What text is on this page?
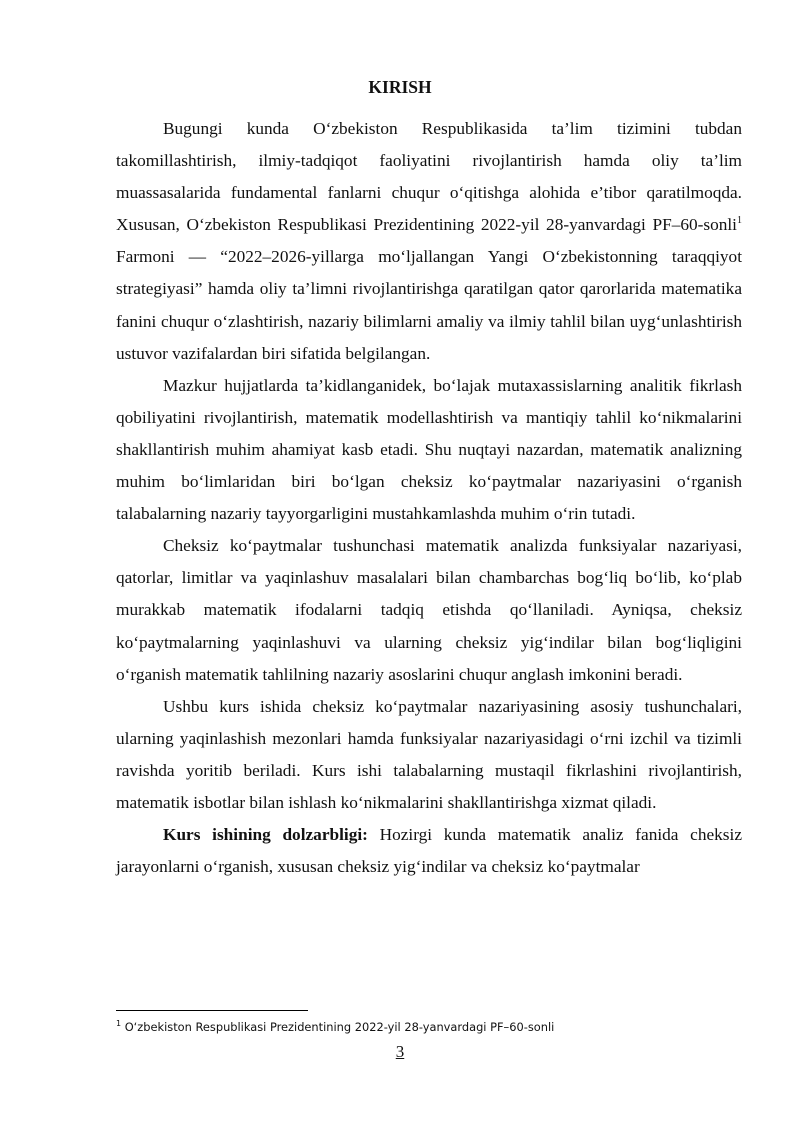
KIRISH

Bugungi kunda O‘zbekiston Respublikasida ta’lim tizimini tubdan takomillashtirish, ilmiy-tadqiqot faoliyatini rivojlantirish hamda oliy ta’lim muassasalarida fundamental fanlarni chuqur o‘qitishga alohida e’tibor qaratilmoqda. Xususan, O‘zbekiston Respublikasi Prezidentining 2022-yil 28-yanvardagi PF–60-sonli$^1$ Farmoni — “2022–2026-yillarga mo‘ljallangan Yangi O‘zbekistonning taraqqiyot strategiyasi” hamda oliy ta’limni rivojlantirishga qaratilgan qator qarorlarida matematika fanini chuqur o‘zlashtirish, nazariy bilimlarni amaliy va ilmiy tahlil bilan uyg‘unlashtirish ustuvor vazifalardan biri sifatida belgilangan.

Mazkur hujjatlarda ta’kidlanganidek, bo‘lajak mutaxassislarning analitik fikrlash qobiliyatini rivojlantirish, matematik modellashtirish va mantiqiy tahlil ko‘nikmalarini shakllantirish muhim ahamiyat kasb etadi. Shu nuqtayi nazardan, matematik analizning muhim bo‘limlaridan biri bo‘lgan cheksiz ko‘paytmalar nazariyasini o‘rganish talabalarning nazariy tayyorgarligini mustahkamlashda muhim o‘rin tutadi.

Cheksiz ko‘paytmalar tushunchasi matematik analizda funksiyalar nazariyasi, qatorlar, limitlar va yaqinlashuv masalalari bilan chambarchas bog‘liq bo‘lib, ko‘plab murakkab matematik ifodalarni tadqiq etishda qo‘llaniladi. Ayniqsa, cheksiz ko‘paytmalarning yaqinlashuvi va ularning cheksiz yig‘indilar bilan bog‘liqligini o‘rganish matematik tahlilning nazariy asoslarini chuqur anglash imkonini beradi.

Ushbu kurs ishida cheksiz ko‘paytmalar nazariyasining asosiy tushunchalari, ularning yaqinlashish mezonlari hamda funksiyalar nazariyasidagi o‘rni izchil va tizimli ravishda yoritib beriladi. Kurs ishi talabalarning mustaqil fikrlashini rivojlantirish, matematik isbotlar bilan ishlash ko‘nikmalarini shakllantirishga xizmat qiladi.

Kurs ishining dolzarbligi: Hozirgi kunda matematik analiz fanida cheksiz jarayonlarni o‘rganish, xususan cheksiz yig‘indilar va cheksiz ko‘paytmalar

$^1$ O‘zbekiston Respublikasi Prezidentining 2022-yil 28-yanvardagi PF–60-sonli
3
